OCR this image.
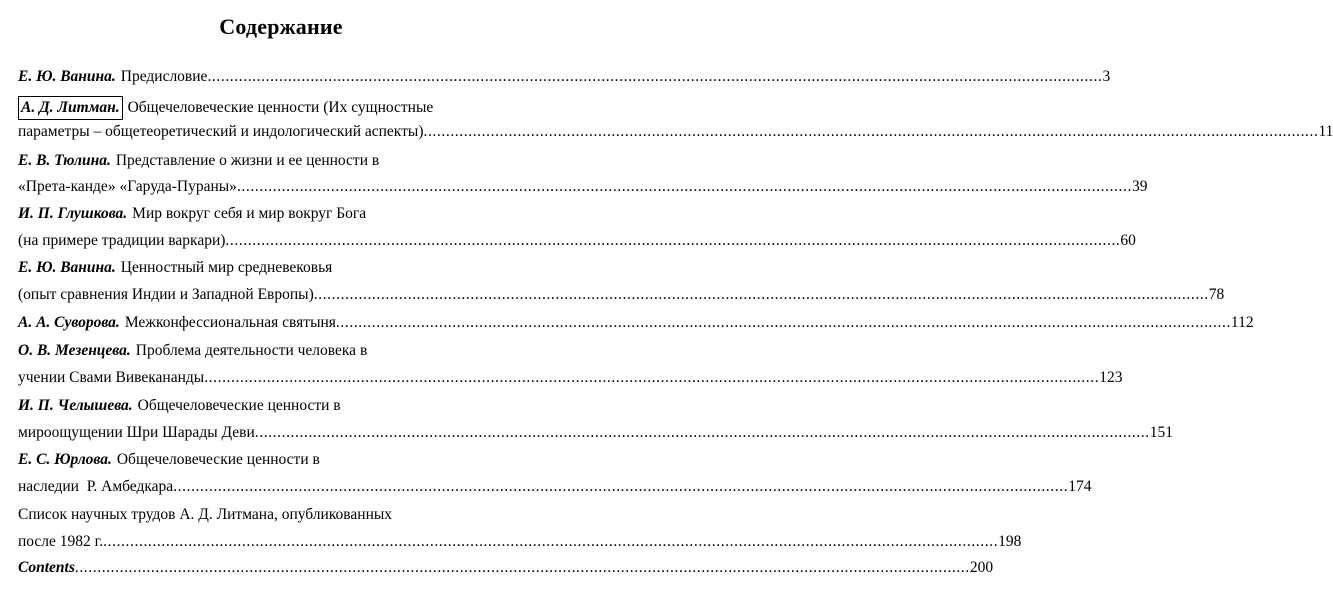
Содержание
Е. Ю. Ванина. Предисловие ........................................................................................................................................................................................................ 3
А. Д. Литман. Общечеловеческие ценности (Их сущностные
параметры – общетеоретический и индологический аспекты) ........................................................................................................................................................................................................ 11
Е. В. Тюлина. Представление о жизни и ее ценности в
«Прета-канде» «Гаруда-Пураны» ........................................................................................................................................................................................................ 39
И. П. Глушкова. Мир вокруг себя и мир вокруг Бога
(на примере традиции варкари) ........................................................................................................................................................................................................ 60
Е. Ю. Ванина. Ценностный мир средневековья
(опыт сравнения Индии и Западной Европы) ........................................................................................................................................................................................................ 78
А. А. Суворова. Межконфессиональная святыня ........................................................................................................................................................................................................ 112
О. В. Мезенцева. Проблема деятельности человека в
учении Свами Вивекананды ........................................................................................................................................................................................................ 123
И. П. Челышева. Общечеловеческие ценности в
мироощущении Шри Шарады Деви ........................................................................................................................................................................................................ 151
Е. С. Юрлова. Общечеловеческие ценности в
наследии  Р. Амбедкара ........................................................................................................................................................................................................ 174
Список научных трудов А. Д. Литмана, опубликованных
после 1982 г. ........................................................................................................................................................................................................ 198
Contents ........................................................................................................................................................................................................ 200
